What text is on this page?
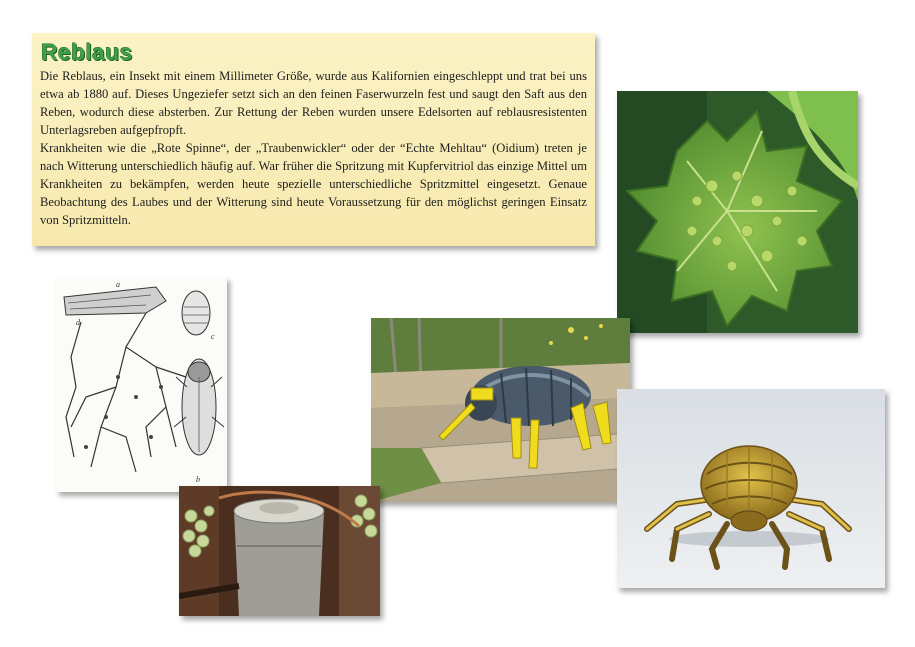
Reblaus

Die Reblaus, ein Insekt mit einem Millimeter Größe, wurde aus Kalifornien eingeschleppt und trat bei uns etwa ab 1880 auf. Dieses Ungeziefer setzt sich an den feinen Faserwurzeln fest und saugt den Saft aus den Reben, wodurch diese absterben. Zur Rettung der Reben wurden unsere Edelsorten auf reblausresistenten Unterlagsreben aufgepfropft.

Krankheiten wie die „Rote Spinne“, der „Traubenwickler“ oder der “Echte Mehltau“ (Oidium) treten je nach Witterung unterschiedlich häufig auf. War früher die Spritzung mit Kupfervitriol das einzige Mittel um Krankheiten zu bekämpfen, werden heute spezielle unterschiedliche Spritzmittel eingesetzt. Genaue Beobachtung des Laubes und der Witterung sind heute Voraussetzung für den möglichst geringen Einsatz von Spritzmitteln.

a
d
c
b
